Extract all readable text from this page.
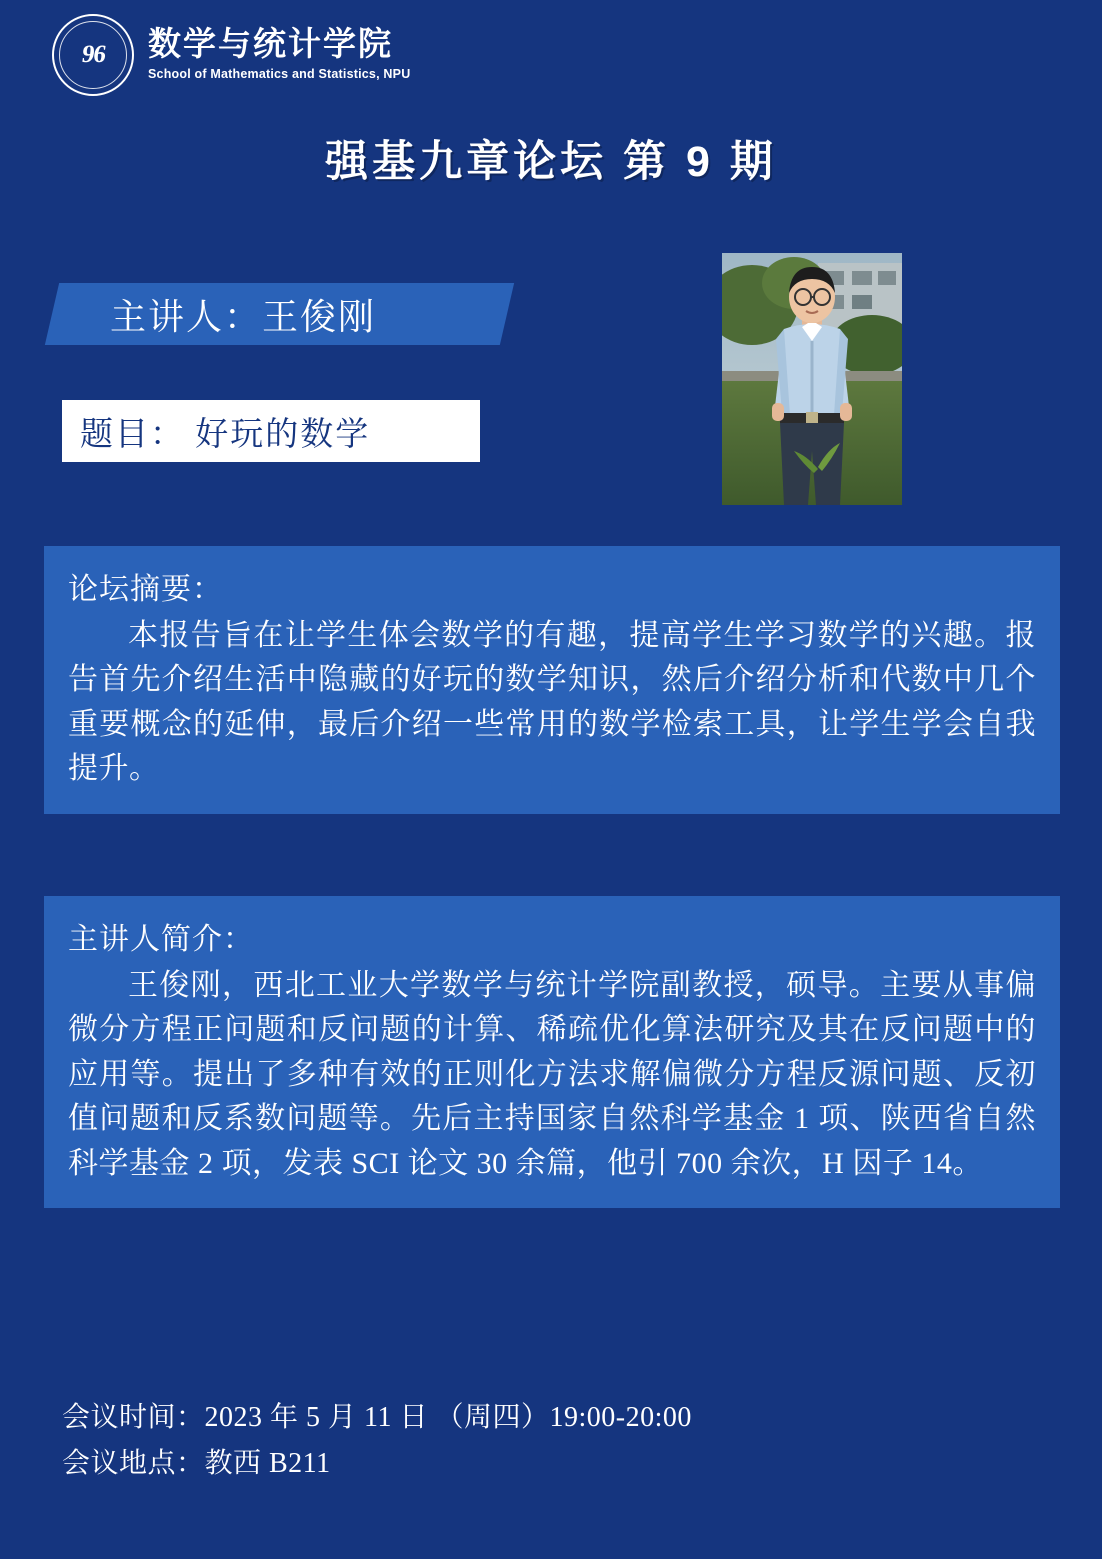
96 数学与统计学院
School of Mathematics and Statistics, NPU
强基九章论坛 第 9 期
主讲人：王俊刚
题目： 好玩的数学
论坛摘要：
本报告旨在让学生体会数学的有趣，提高学生学习数学的兴趣。报告首先介绍生活中隐藏的好玩的数学知识，然后介绍分析和代数中几个重要概念的延伸，最后介绍一些常用的数学检索工具，让学生学会自我提升。
主讲人简介：
王俊刚，西北工业大学数学与统计学院副教授，硕导。主要从事偏微分方程正问题和反问题的计算、稀疏优化算法研究及其在反问题中的应用等。提出了多种有效的正则化方法求解偏微分方程反源问题、反初值问题和反系数问题等。先后主持国家自然科学基金 1 项、陕西省自然科学基金 2 项，发表 SCI 论文 30 余篇，他引 700 余次，H 因子 14。
会议时间：2023 年 5 月 11 日 （周四）19:00-20:00
会议地点：教西 B211
